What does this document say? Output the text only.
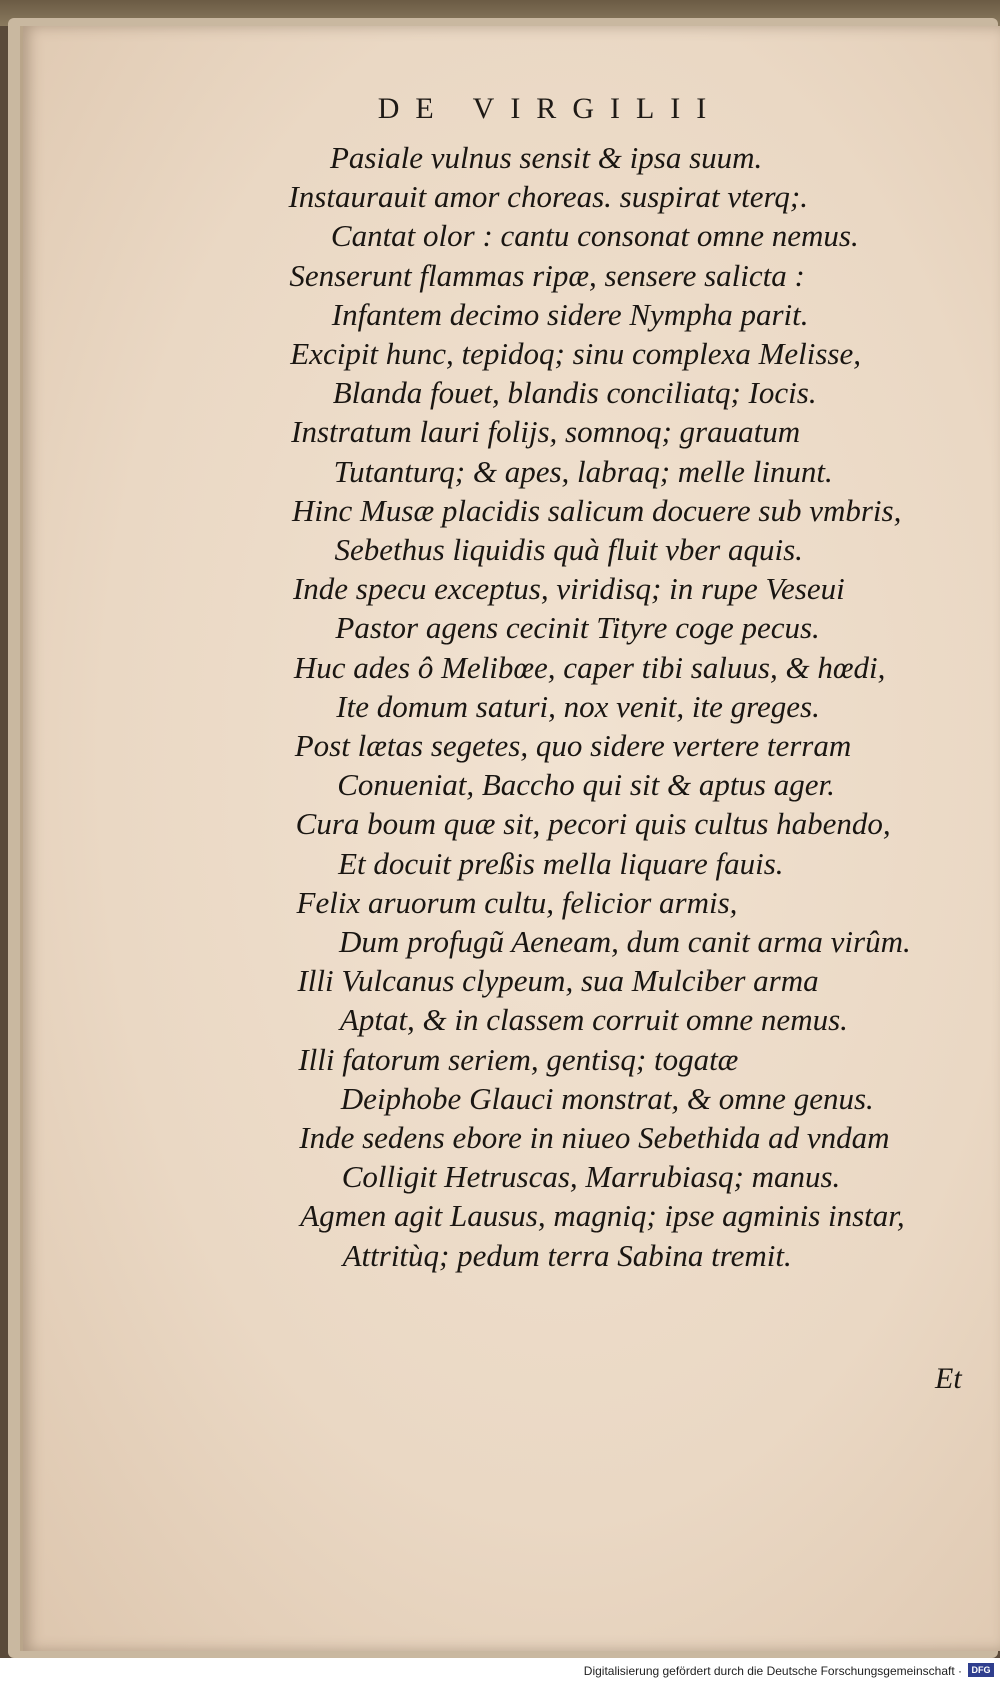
DE VIRGILII
Pasiale vulnus sensit & ipsa suum.
Instaurauit amor choreas. suspirat vterq;.
Cantat olor : cantu consonat omne nemus.
Senserunt flammas ripæ, sensere salicta :
Infantem decimo sidere Nympha parit.
Excipit hunc, tepidoq; sinu complexa Melisse,
Blanda fouet, blandis conciliatq; Iocis.
Instratum lauri folijs, somnoq; grauatum
Tutanturq; & apes, labraq; melle linunt.
Hinc Musæ placidis salicum docuere sub vmbris,
Sebethus liquidis quà fluit vber aquis.
Inde specu exceptus, viridisq; in rupe Veseui
Pastor agens cecinit Tityre coge pecus.
Huc ades ô Melibœe, caper tibi saluus, & hœdi,
Ite domum saturi, nox venit, ite greges.
Post lætas segetes, quo sidere vertere terram
Conueniat, Baccho qui sit & aptus ager.
Cura boum quæ sit, pecori quis cultus habendo,
Et docuit preßis mella liquare fauis.
Felix aruorum cultu, felicior armis,
Dum profugũ Aeneam, dum canit arma virûm.
Illi Vulcanus clypeum, sua Mulciber arma
Aptat, & in classem corruit omne nemus.
Illi fatorum seriem, gentisq; togatæ
Deiphobe Glauci monstrat, & omne genus.
Inde sedens ebore in niueo Sebethida ad vndam
Colligit Hetruscas, Marrubiasq; manus.
Agmen agit Lausus, magniq; ipse agminis instar,
Attritùq; pedum terra Sabina tremit.
Et
Digitalisierung gefördert durch die Deutsche Forschungsgemeinschaft ·	DFG
